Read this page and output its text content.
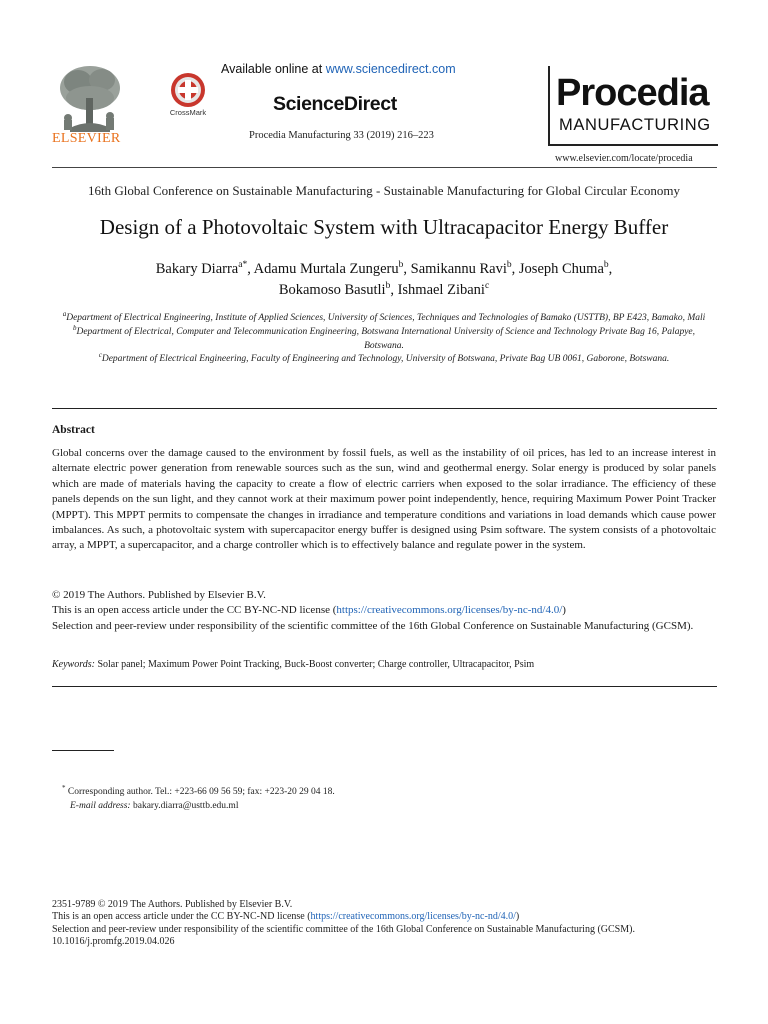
ELSEVIER
CrossMark
Available online at www.sciencedirect.com
ScienceDirect
Procedia Manufacturing 33 (2019) 216–223
Procedia
MANUFACTURING
www.elsevier.com/locate/procedia
16th Global Conference on Sustainable Manufacturing - Sustainable Manufacturing for Global Circular Economy
Design of a Photovoltaic System with Ultracapacitor Energy Buffer
Bakary Diarra$^{a*}$, Adamu Murtala Zungeru$^b$, Samikannu Ravi$^b$, Joseph Chuma$^b$,
Bokamoso Basutli$^b$, Ishmael Zibani$^c$
$^a$Department of Electrical Engineering, Institute of Applied Sciences, University of Sciences, Techniques and Technologies of Bamako (USTTB), BP E423, Bamako, Mali
$^b$Department of Electrical, Computer and Telecommunication Engineering, Botswana International University of Science and Technology Private Bag 16, Palapye, Botswana.
$^c$Department of Electrical Engineering, Faculty of Engineering and Technology, University of Botswana, Private Bag UB 0061, Gaborone, Botswana.
Abstract
Global concerns over the damage caused to the environment by fossil fuels, as well as the instability of oil prices, has led to an increase interest in alternate electric power generation from renewable sources such as the sun, wind and geothermal energy. Solar energy is produced by solar panels which are made of materials having the capacity to create a flow of electric carriers when exposed to the solar irradiance. The efficiency of these panels depends on the sun light, and they cannot work at their maximum power point independently, hence, requiring Maximum Power Point Tracker (MPPT). This MPPT permits to compensate the changes in irradiance and temperature conditions and variations in load demands which cause power imbalances. As such, a photovoltaic system with supercapacitor energy buffer is designed using Psim software. The system consists of a photovoltaic array, a MPPT, a supercapacitor, and a charge controller which is to effectively balance and regulate power in the system.
© 2019 The Authors. Published by Elsevier B.V.
This is an open access article under the CC BY-NC-ND license (https://creativecommons.org/licenses/by-nc-nd/4.0/)
Selection and peer-review under responsibility of the scientific committee of the 16th Global Conference on Sustainable Manufacturing (GCSM).
Keywords: Solar panel; Maximum Power Point Tracking, Buck-Boost converter; Charge controller, Ultracapacitor, Psim
* Corresponding author. Tel.: +223-66 09 56 59; fax: +223-20 29 04 18.
E-mail address: bakary.diarra@usttb.edu.ml
2351-9789 © 2019 The Authors. Published by Elsevier B.V.
This is an open access article under the CC BY-NC-ND license (https://creativecommons.org/licenses/by-nc-nd/4.0/)
Selection and peer-review under responsibility of the scientific committee of the 16th Global Conference on Sustainable Manufacturing (GCSM).
10.1016/j.promfg.2019.04.026
